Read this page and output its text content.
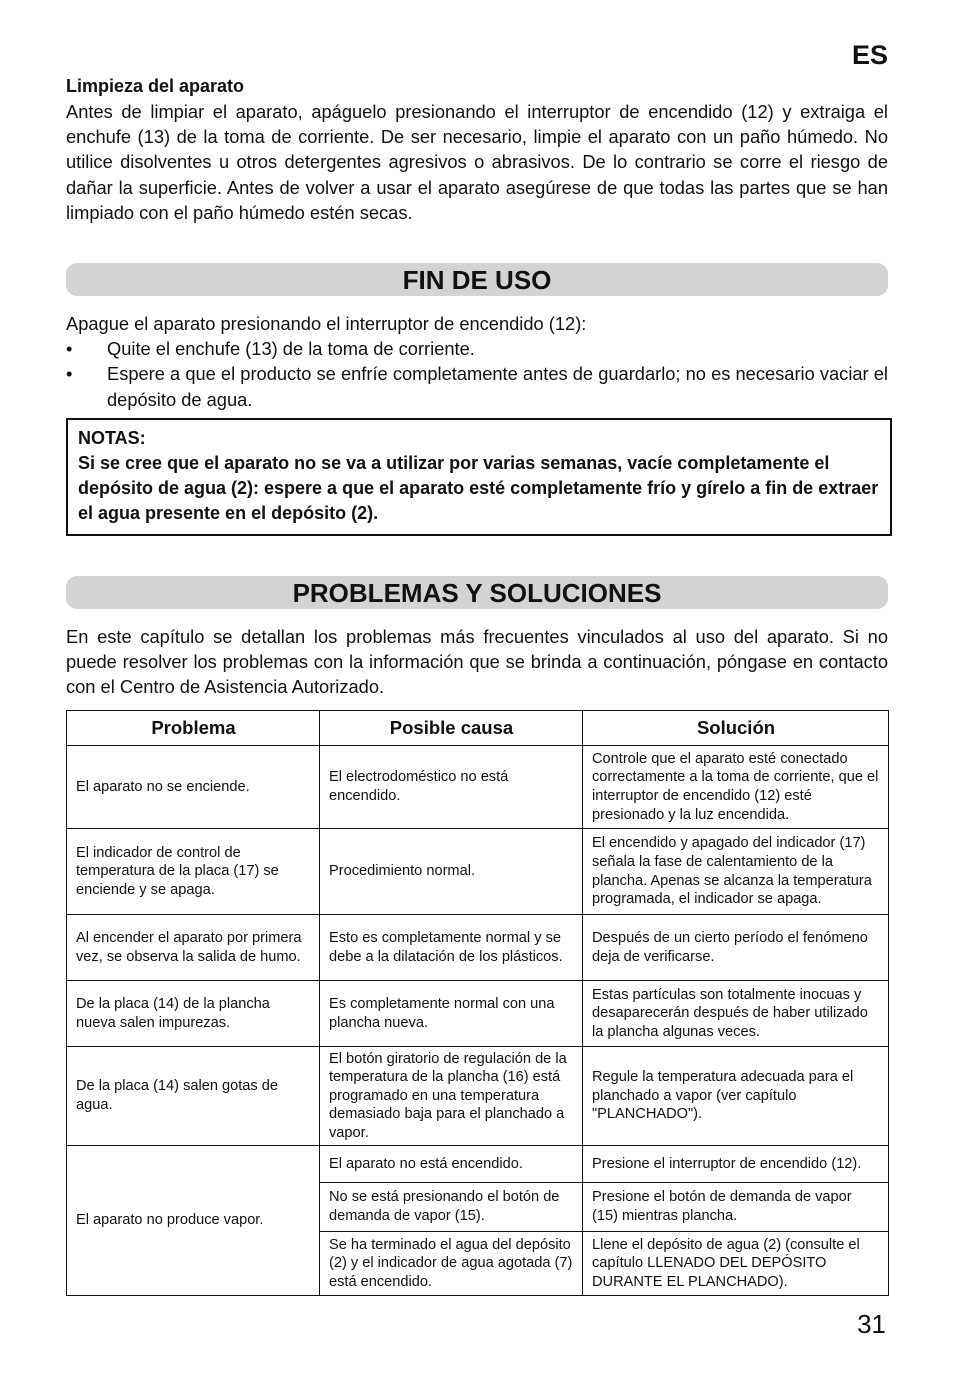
ES

Limpieza del aparato

Antes de limpiar el aparato, apáguelo presionando el interruptor de encendido (12) y extraiga el enchufe (13) de la toma de corriente. De ser necesario, limpie el aparato con un paño húmedo. No utilice disolventes u otros detergentes agresivos o abrasivos. De lo contrario se corre el riesgo de dañar la superficie. Antes de volver a usar el aparato asegúrese de que todas las partes que se han limpiado con el paño húmedo estén secas.

FIN DE USO

Apague el aparato presionando el interruptor de encendido (12):

• Quite el enchufe (13) de la toma de corriente.
• Espere a que el producto se enfríe completamente antes de guardarlo; no es necesario vaciar el depósito de agua.

NOTAS:

Si se cree que el aparato no se va a utilizar por varias semanas, vacíe completamente el depósito de agua (2): espere a que el aparato esté completamente frío y gírelo a fin de extraer el agua presente en el depósito (2).

PROBLEMAS Y SOLUCIONES

En este capítulo se detallan los problemas más frecuentes vinculados al uso del aparato. Si no puede resolver los problemas con la información que se brinda a continuación, póngase en contacto con el Centro de Asistencia Autorizado.

Problema	Posible causa	Solución
El aparato no se enciende.	El electrodoméstico no está encendido.	Controle que el aparato esté conectado correctamente a la toma de corriente, que el interruptor de encendido (12) esté presionado y la luz encendida.
El indicador de control de temperatura de la placa (17) se enciende y se apaga.	Procedimiento normal.	El encendido y apagado del indicador (17) señala la fase de calentamiento de la plancha. Apenas se alcanza la temperatura programada, el indicador se apaga.
Al encender el aparato por primera vez, se observa la salida de humo.	Esto es completamente normal y se debe a la dilatación de los plásticos.	Después de un cierto período el fenómeno deja de verificarse.
De la placa (14) de la plancha nueva salen impurezas.	Es completamente normal con una plancha nueva.	Estas partículas son totalmente inocuas y desaparecerán después de haber utilizado la plancha algunas veces.
De la placa (14) salen gotas de agua.	El botón giratorio de regulación de la temperatura de la plancha (16) está programado en una temperatura demasiado baja para el planchado a vapor.	Regule la temperatura adecuada para el planchado a vapor (ver capítulo "PLANCHADO").
El aparato no produce vapor.	El aparato no está encendido.	Presione el interruptor de encendido (12).
	No se está presionando el botón de demanda de vapor (15).	Presione el botón de demanda de vapor (15) mientras plancha.
	Se ha terminado el agua del depósito (2) y el indicador de agua agotada (7) está encendido.	Llene el depósito de agua (2) (consulte el capítulo LLENADO DEL DEPÓSITO DURANTE EL PLANCHADO).
31
